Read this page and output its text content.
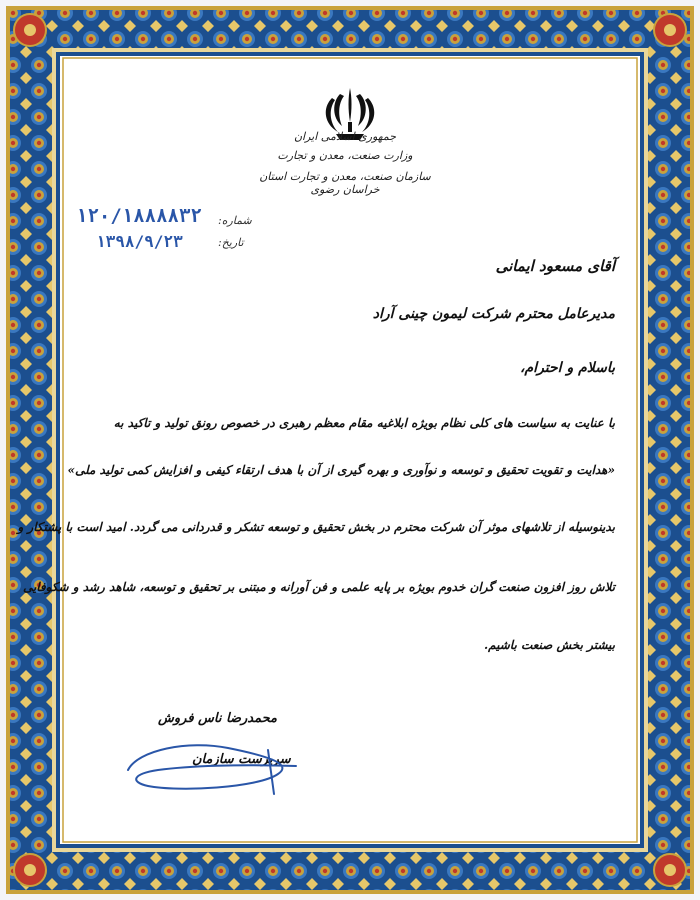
جمهوری اسلامی ایران
وزارت صنعت، معدن و تجارت
سازمان صنعت، معدن و تجارت استان خراسان رضوی
شماره:
۱۲۰/۱۸۸۸۸۳۲
تاریخ:
۱۳۹۸/۹/۲۳
آقای مسعود ایمانی
مدیرعامل محترم شرکت لیمون چینی آراد
باسلام و احترام،
با عنایت به سیاست های کلی نظام بویژه ابلاغیه مقام معظم رهبری در خصوص رونق تولید و تاکید به
«هدایت و تقویت تحقیق و توسعه و نوآوری و بهره گیری از آن با هدف ارتقاء کیفی و افزایش کمی تولید ملی»
بدینوسیله از تلاشهای موثر آن شرکت محترم در بخش تحقیق و توسعه تشکر و قدردانی می گردد. امید است با پشتکار و
تلاش روز افزون صنعت گران خدوم بویژه بر پایه علمی و فن آورانه و مبتنی بر تحقیق و توسعه، شاهد رشد و شکوفایی
بیشتر بخش صنعت باشیم.
محمدرضا ناس فروش
سرپرست سازمان
